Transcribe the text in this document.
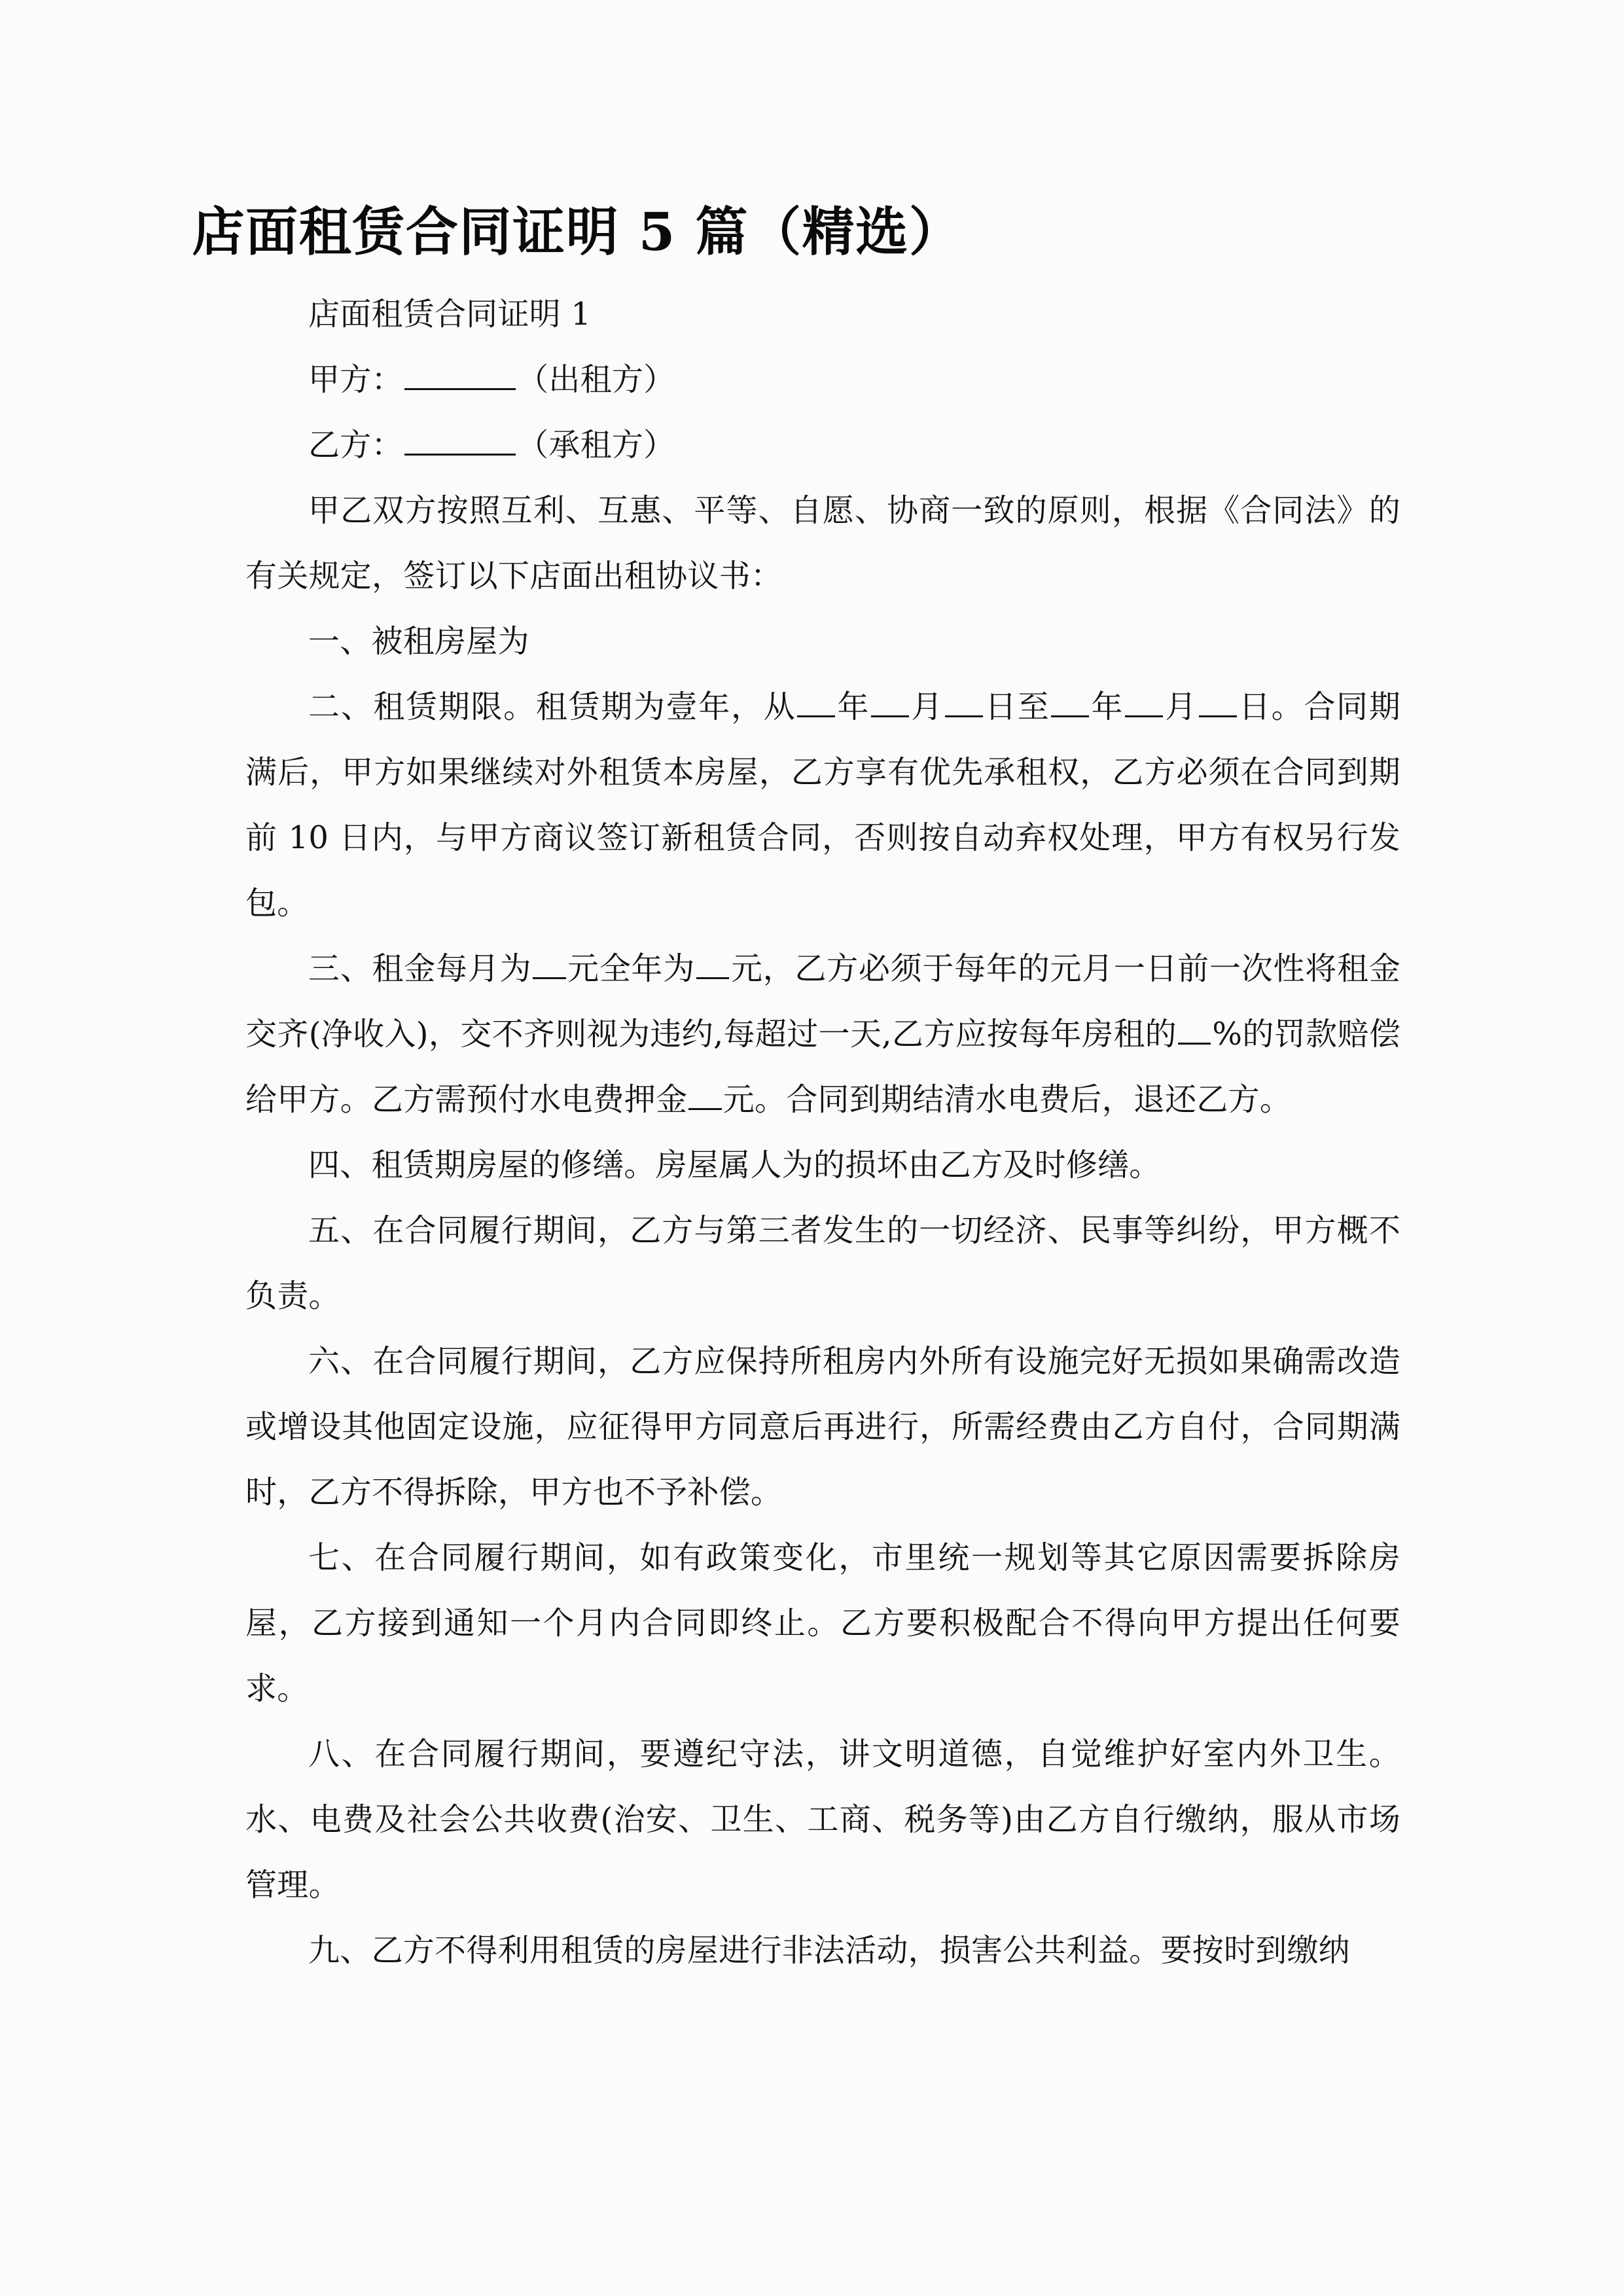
店面租赁合同证明 5 篇（精选）

店面租赁合同证明 1

甲方：	（出租方）

乙方：	（承租方）

甲乙双方按照互利、互惠、平等、自愿、协商一致的原则，根据《合同法》的有关规定，签订以下店面出租协议书：

一、被租房屋为

二、租赁期限。租赁期为壹年，从 年 月 日至 年 月 日。合同期满后，甲方如果继续对外租赁本房屋，乙方享有优先承租权，乙方必须在合同到期前 10 日内，与甲方商议签订新租赁合同，否则按自动弃权处理，甲方有权另行发包。

三、租金每月为 元全年为 元，乙方必须于每年的元月一日前一次性将租金交齐(净收入)，交不齐则视为违约,每超过一天,乙方应按每年房租的 %的罚款赔偿给甲方。乙方需预付水电费押金 元。合同到期结清水电费后，退还乙方。

四、租赁期房屋的修缮。房屋属人为的损坏由乙方及时修缮。

五、在合同履行期间，乙方与第三者发生的一切经济、民事等纠纷，甲方概不负责。

六、在合同履行期间，乙方应保持所租房内外所有设施完好无损如果确需改造或增设其他固定设施，应征得甲方同意后再进行，所需经费由乙方自付，合同期满时，乙方不得拆除，甲方也不予补偿。

七、在合同履行期间，如有政策变化，市里统一规划等其它原因需要拆除房屋，乙方接到通知一个月内合同即终止。乙方要积极配合不得向甲方提出任何要求。

八、在合同履行期间，要遵纪守法，讲文明道德，自觉维护好室内外卫生。水、电费及社会公共收费(治安、卫生、工商、税务等)由乙方自行缴纳，服从市场管理。

九、乙方不得利用租赁的房屋进行非法活动，损害公共利益。要按时到缴纳
